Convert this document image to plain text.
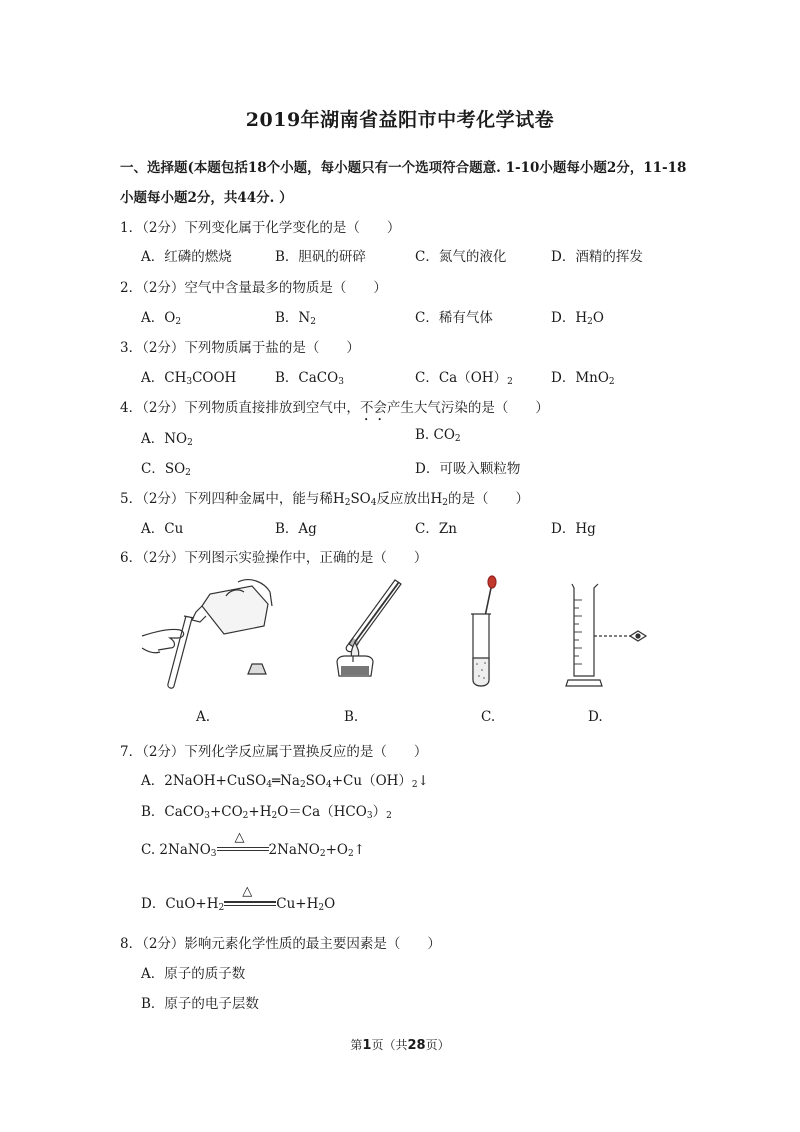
2019年湖南省益阳市中考化学试卷
一、选择题(本题包括18个小题，每小题只有一个选项符合题意. 1-10小题每小题2分，11-18
小题每小题2分，共44分. ）
1．（2分）下列变化属于化学变化的是（　　）
A．红磷的燃烧	B．胆矾的研碎	C．氮气的液化	D．酒精的挥发
2．（2分）空气中含量最多的物质是（　　）
A．$O_2$	B．$N_2$	C．稀有气体	D．$H_2O$
3．（2分）下列物质属于盐的是（　　）
A．$CH_3COOH$	B．CaCO$_3$	C．$Ca(OH)_2$	D．MnO$_2$
4．（2分）下列物质直接排放到空气中，不会产生大气污染的是（　　）
A．$NO_2$	B. $CO_2$
C．$SO_2$	D．可吸入颗粒物
5．（2分）下列四种金属中，能与稀$H_2SO_4$反应放出$H_2$的是（　　）
A．Cu	B．Ag	C．Zn	D．Hg
6．（2分）下列图示实验操作中，正确的是（　　）
A.	B.	C.	D.
7．（2分）下列化学反应属于置换反应的是（　　）
A．$2NaOH+CuSO_4═Na_2SO_4+Cu(OH)_2↓$
B．$CaCO_3+CO_2+H_2O=Ca(HCO_3)_2$
C. 2NaNO$_3$
△
$2NaNO_2+O_2↑$
D．$CuO+H_2$
△
$Cu+H_2O$
8．（2分）影响元素化学性质的最主要因素是（　　）
A．原子的质子数
B．原子的电子层数
第1页（共28页）
